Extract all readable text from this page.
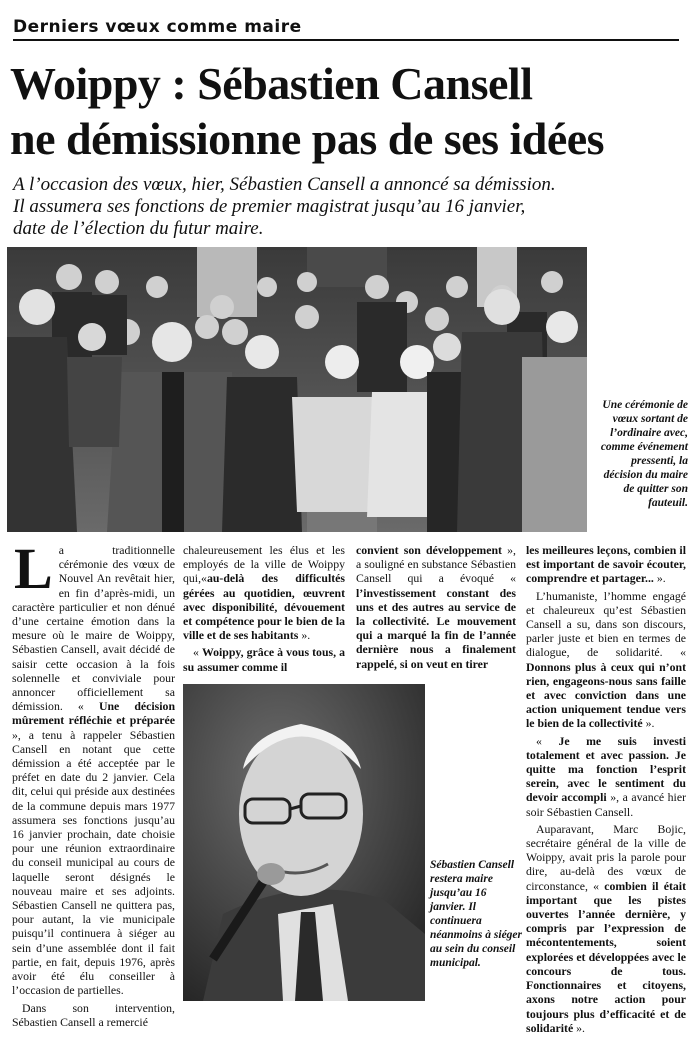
Derniers vœux comme maire
Woippy : Sébastien Cansell
ne démissionne pas de ses idées
A l’occasion des vœux, hier, Sébastien Cansell a annoncé sa démission.
Il assumera ses fonctions de premier magistrat jusqu’au 16 janvier,
date de l’élection du futur maire.
Une cérémonie de vœux sortant de l’ordinaire avec, comme événement pressenti, la décision du maire de quitter son fauteuil.

La traditionnelle cérémonie des vœux de Nouvel An revêtait hier, en fin d’après-midi, un caractère particulier et non dénué d’une certaine émotion dans la mesure où le maire de Woippy, Sébastien Cansell, avait décidé de saisir cette occasion à la fois solennelle et conviviale pour annoncer officiellement sa démission. « Une décision mûrement réfléchie et préparée », a tenu à rappeler Sébastien Cansell en notant que cette démission a été acceptée par le préfet en date du 2 janvier. Cela dit, celui qui préside aux destinées de la commune depuis mars 1977 assumera ses fonctions jusqu’au 16 janvier prochain, date choisie pour une réunion extraordinaire du conseil municipal au cours de laquelle seront désignés le nouveau maire et ses adjoints. Sébastien Cansell ne quittera pas, pour autant, la vie municipale puisqu’il continuera à siéger au sein d’une assemblée dont il fait partie, en fait, depuis 1976, après avoir été élu conseiller à l’occasion de partielles.

Dans son intervention, Sébastien Cansell a remercié

chaleureusement les élus et les employés de la ville de Woippy qui,«au-delà des difficultés gérées au quotidien, œuvrent avec disponibilité, dévouement et compétence pour le bien de la ville et de ses habitants ».

« Woippy, grâce à vous tous, a su assumer comme il

convient son développement », a souligné en substance Sébastien Cansell qui a évoqué « l’investissement constant des uns et des autres au service de la collectivité. Le mouvement qui a marqué la fin de l’année dernière nous a finalement rappelé, si on veut en tirer

Sébastien Cansell restera maire jusqu’au 16 janvier. Il continuera néanmoins à siéger au sein du conseil municipal.

les meilleures leçons, combien il est important de savoir écouter, comprendre et partager... ».

L’humaniste, l’homme engagé et chaleureux qu’est Sébastien Cansell a su, dans son discours, parler juste et bien en termes de dialogue, de solidarité. « Donnons plus à ceux qui n’ont rien, engageons-nous sans faille et avec conviction dans une action uniquement tendue vers le bien de la collectivité ».

« Je me suis investi totalement et avec passion. Je quitte ma fonction l’esprit serein, avec le sentiment du devoir accompli », a avancé hier soir Sébastien Cansell.

Auparavant, Marc Bojic, secrétaire général de la ville de Woippy, avait pris la parole pour dire, au-delà des vœux de circonstance, « combien il était important que les pistes ouvertes l’année dernière, y compris par l’expression de mécontentements, soient explorées et développées avec le concours de tous. Fonctionnaires et citoyens, axons notre action pour toujours plus d’efficacité et de solidarité ».
